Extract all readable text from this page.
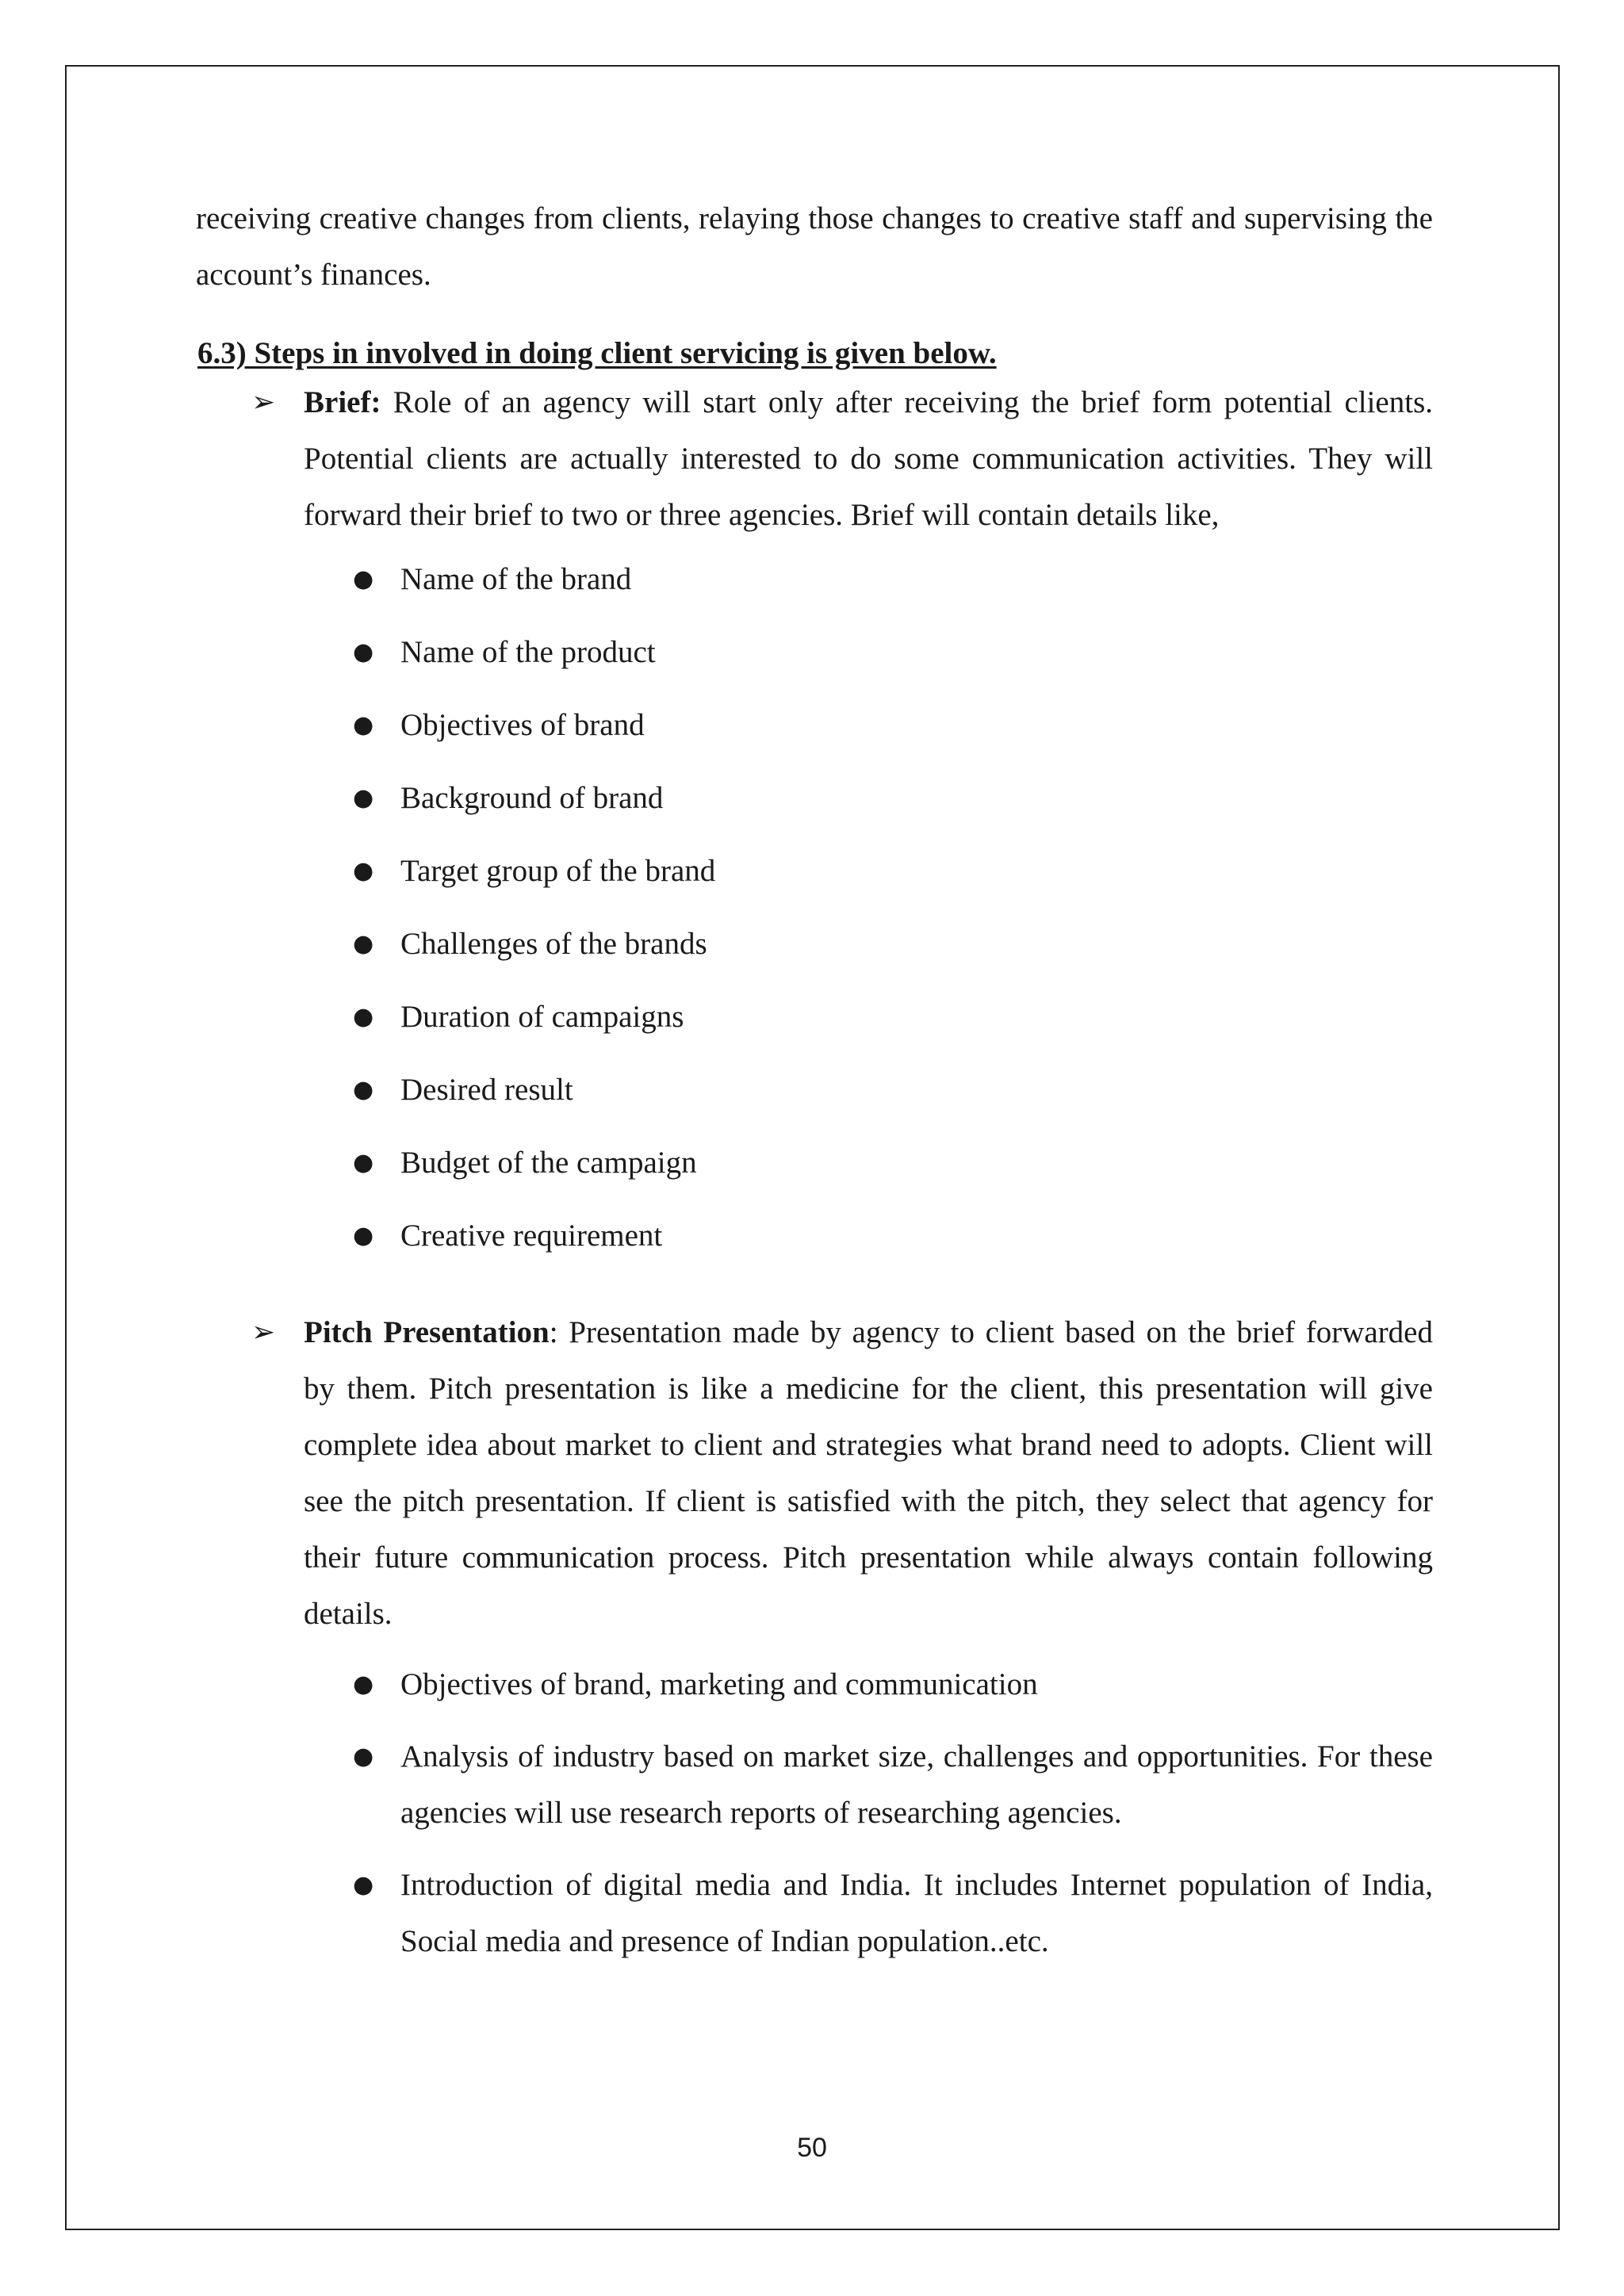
receiving creative changes from clients, relaying those changes to creative staff and supervising the account’s finances.

6.3) Steps in involved in doing client servicing is given below.
➢ Brief: Role of an agency will start only after receiving the brief form potential clients. Potential clients are actually interested to do some communication activities. They will forward their brief to two or three agencies. Brief will contain details like,
● Name of the brand
● Name of the product
● Objectives of brand
● Background of brand
● Target group of the brand
● Challenges of the brands
● Duration of campaigns
● Desired result
● Budget of the campaign
● Creative requirement
➢ Pitch Presentation: Presentation made by agency to client based on the brief forwarded by them. Pitch presentation is like a medicine for the client, this presentation will give complete idea about market to client and strategies what brand need to adopts. Client will see the pitch presentation. If client is satisfied with the pitch, they select that agency for their future communication process. Pitch presentation while always contain following details.
● Objectives of brand, marketing and communication
● Analysis of industry based on market size, challenges and opportunities. For these agencies will use research reports of researching agencies.
● Introduction of digital media and India. It includes Internet population of India, Social media and presence of Indian population..etc.
50
